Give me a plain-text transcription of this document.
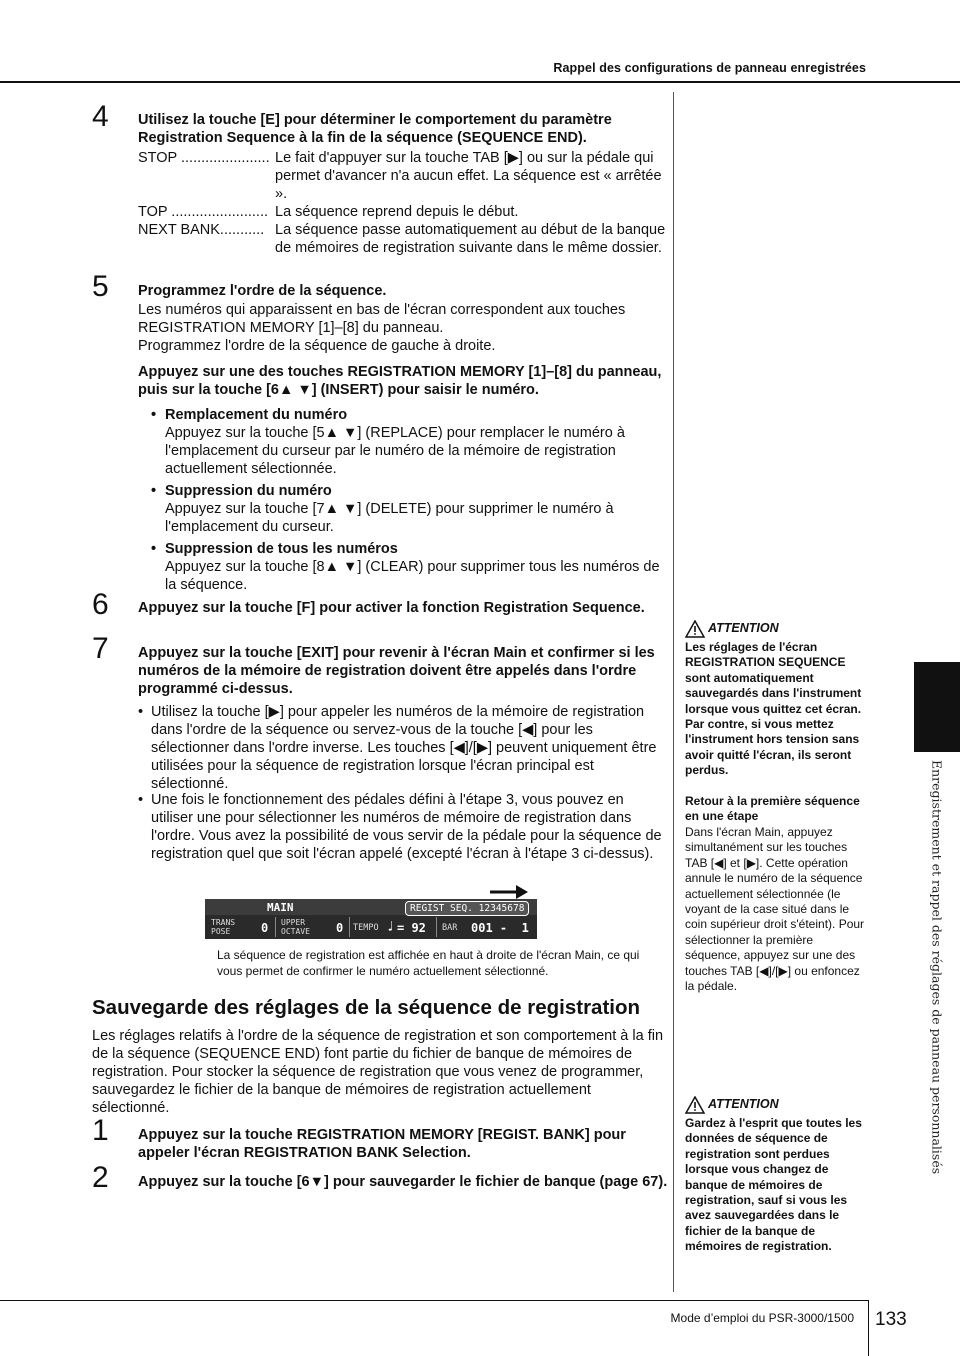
Rappel des configurations de panneau enregistrées
4 Utilisez la touche [E] pour déterminer le comportement du paramètre Registration Sequence à la fin de la séquence (SEQUENCE END).
STOP ...................... Le fait d'appuyer sur la touche TAB [▶] ou sur la pédale qui permet d'avancer n'a aucun effet. La séquence est « arrêtée ».
TOP ........................ La séquence reprend depuis le début.
NEXT BANK........... La séquence passe automatiquement au début de la banque de mémoires de registration suivante dans le même dossier.
5 Programmez l'ordre de la séquence.
Les numéros qui apparaissent en bas de l'écran correspondent aux touches REGISTRATION MEMORY [1]–[8] du panneau.
Programmez l'ordre de la séquence de gauche à droite.
Appuyez sur une des touches REGISTRATION MEMORY [1]–[8] du panneau, puis sur la touche [6▲ ▼] (INSERT) pour saisir le numéro.
• Remplacement du numéro
Appuyez sur la touche [5▲ ▼] (REPLACE) pour remplacer le numéro à l'emplacement du curseur par le numéro de la mémoire de registration actuellement sélectionnée.
• Suppression du numéro
Appuyez sur la touche [7▲ ▼] (DELETE) pour supprimer le numéro à l'emplacement du curseur.
• Suppression de tous les numéros
Appuyez sur la touche [8▲ ▼] (CLEAR) pour supprimer tous les numéros de la séquence.
6 Appuyez sur la touche [F] pour activer la fonction Registration Sequence.
7 Appuyez sur la touche [EXIT] pour revenir à l'écran Main et confirmer si les numéros de la mémoire de registration doivent être appelés dans l'ordre programmé ci-dessus.
• Utilisez la touche [▶] pour appeler les numéros de la mémoire de registration dans l'ordre de la séquence ou servez-vous de la touche [◀] pour les sélectionner dans l'ordre inverse. Les touches [◀]/[▶] peuvent uniquement être utilisées pour la séquence de registration lorsque l'écran principal est sélectionné.
• Une fois le fonctionnement des pédales défini à l'étape 3, vous pouvez en utiliser une pour sélectionner les numéros de mémoire de registration dans l'ordre. Vous avez la possibilité de vous servir de la pédale pour la séquence de registration quel que soit l'écran appelé (excepté l'écran à l'étape 3 ci-dessus).
MAIN	REGIST SEQ. 12345678
TRANS
POSE	0 UPPER
OCTAVE 0 TEMPO ♩ = 92 BAR 001 -  1
La séquence de registration est affichée en haut à droite de l'écran Main, ce qui vous permet de confirmer le numéro actuellement sélectionné.
Sauvegarde des réglages de la séquence de registration
Les réglages relatifs à l'ordre de la séquence de registration et son comportement à la fin de la séquence (SEQUENCE END) font partie du fichier de banque de mémoires de registration. Pour stocker la séquence de registration que vous venez de programmer, sauvegardez le fichier de la banque de mémoires de registration actuellement sélectionné.
1 Appuyez sur la touche REGISTRATION MEMORY [REGIST. BANK] pour appeler l'écran REGISTRATION BANK Selection.
2 Appuyez sur la touche [6▼] pour sauvegarder le fichier de banque (page 67).
ATTENTION
Les réglages de l'écran REGISTRATION SEQUENCE sont automatiquement sauvegardés dans l'instrument lorsque vous quittez cet écran. Par contre, si vous mettez l'instrument hors tension sans avoir quitté l'écran, ils seront perdus.
Retour à la première séquence en une étape
Dans l'écran Main, appuyez simultanément sur les touches TAB [◀] et [▶]. Cette opération annule le numéro de la séquence actuellement sélectionnée (le voyant de la case situé dans le coin supérieur droit s'éteint). Pour sélectionner la première séquence, appuyez sur une des touches TAB [◀]/[▶] ou enfoncez la pédale.
ATTENTION
Gardez à l'esprit que toutes les données de séquence de registration sont perdues lorsque vous changez de banque de mémoires de registration, sauf si vous les avez sauvegardées dans le fichier de la banque de mémoires de registration.
Enregistrement et rappel des réglages de panneau personnalisés
Mode d’emploi du PSR-3000/1500 133
